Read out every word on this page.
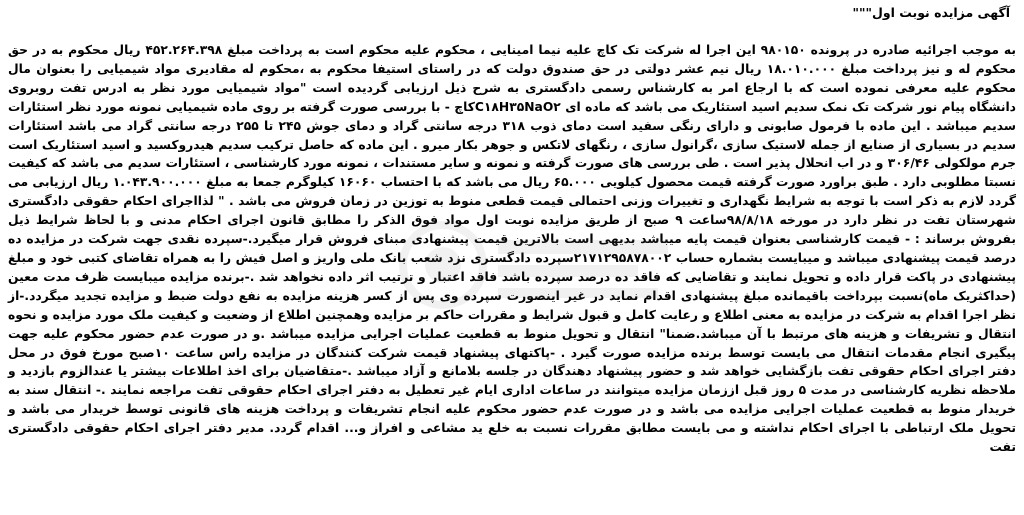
آگهی مزایده نوبت اول"""
به موجب اجرائیه صادره در پرونده ۹۸۰۱۵۰ این اجرا له شرکت تک کاچ علیه نیما امینایی ، محکوم علیه محکوم است به پرداخت مبلغ ۴۵۲.۲۶۴.۳۹۸ ریال محکوم به در حق محکوم له و نیز پرداخت مبلغ ۱۸.۰۱۰.۰۰۰ ریال نیم عشر دولتی در حق صندوق دولت که در راستای استیفا محکوم به ،محکوم له مقادیری مواد شیمیایی را بعنوان مال محکوم علیه معرفی نموده است که با ارجاع امر به کارشناس رسمی دادگستری به شرح ذیل ارزیابی گردیده است "مواد شیمیایی مورد نظر به ادرس تفت روبروی دانشگاه پیام نور شرکت تک نمک سدیم اسید استئاریک می باشد که ماده ای C۱۸H۳۵NaO۲کاچ - با بررسی صورت گرفته بر روی ماده شیمیایی نمونه مورد نظر استئارات سدیم میباشد . این ماده با فرمول صابونی و دارای رنگی سفید است دمای ذوب ۳۱۸ درجه سانتی گراد و دمای جوش ۲۴۵ تا ۲۵۵ درجه سانتی گراد می باشد استئارات سدیم در بسیاری از صنایع از جمله لاستیک سازی ،گرانول سازی ، رنگهای لاتکس و جوهر بکار میرو . این ماده که حاصل ترکیب سدیم هیدروکسید و اسید استئاریک است جرم مولکولی ۳۰۶/۴۶ و در اب انحلال پذیر است . طی بررسی های صورت گرفته و نمونه و سایر مستندات ، نمونه مورد کارشناسی ، استئارات سدیم می باشد که کیفیت نسبتا مطلوبی دارد . طبق براورد صورت گرفته قیمت محصول کیلویی ۶۵.۰۰۰ ریال می باشد که با احتساب ۱۶۰۶۰ کیلوگرم جمعا به مبلغ ۱.۰۴۳.۹۰۰.۰۰۰ ریال ارزیابی می گردد لازم به ذکر است با توجه به شرایط نگهداری و تغییرات وزنی احتمالی قیمت قطعی منوط به توزین در زمان فروش می باشد . " لذااجرای احکام حقوقی دادگستری شهرستان تفت در نظر دارد در مورخه ۹۸/۸/۱۸ساعت ۹ صبح از طریق مزایده نوبت اول مواد فوق الذکر را مطابق قانون اجرای احکام مدنی و با لحاظ شرایط ذیل بفروش برساند : - قیمت کارشناسی بعنوان قیمت پایه میباشد بدیهی است بالاترین قیمت پیشنهادی مبنای فروش قرار میگیرد.-سپرده نقدی جهت شرکت در مزایده ده درصد قیمت پیشنهادی میباشد و میبایست بشماره حساب ۲۱۷۱۲۹۵۸۷۸۰۰۲سپرده دادگستری نزد شعب بانک ملی واریز و اصل فیش را به همراه تقاضای کتبی خود و مبلغ پیشنهادی در پاکت قرار داده و تحویل نمایند و تقاضایی که فاقد ده درصد سپرده باشد فاقد اعتبار و ترتیب اثر داده نخواهد شد .-برنده مزایده میبایست ظرف مدت معین (حداکثریک ماه)نسبت بپرداخت باقیمانده مبلغ پیشنهادی اقدام نماید در غیر اینصورت سپرده وی پس از کسر هزینه مزایده به نفع دولت ضبط و مزایده تجدید میگردد.-از نظر اجرا اقدام به شرکت در مزایده به معنی اطلاع و رعایت کامل و قبول شرایط و مقررات حاکم بر مزایده وهمچنین اطلاع از وضعیت و کیفیت ملک مورد مزایده و نحوه انتقال و تشریفات و هزینه های مرتبط با آن میباشد.ضمنا" انتقال و تحویل منوط به قطعیت عملیات اجرایی مزایده میباشد .و در صورت عدم حضور محکوم علیه جهت پیگیری انجام مقدمات انتقال می بایست توسط برنده مزایده صورت گیرد . -پاکتهای پیشنهاد قیمت شرکت کنندگان در مزایده راس ساعت ۱۰صبح مورخ فوق در محل دفتر اجرای احکام حقوقی تفت بازگشایی خواهد شد و حضور پیشنهاد دهندگان در جلسه بلامانع و آزاد میباشد .-متقاضیان برای اخذ اطلاعات بیشتر یا عندالزوم بازدید و ملاحظه نظریه کارشناسی در مدت ۵ روز قبل اززمان مزایده میتوانند در ساعات اداری ایام غیر تعطیل به دفتر اجرای احکام حقوقی تفت مراجعه نمایند .- انتقال سند به خریدار منوط به قطعیت عملیات اجرایی مزایده می باشد و در صورت عدم حضور محکوم علیه انجام تشریفات و پرداخت هزینه های قانونی توسط خریدار می باشد و تحویل ملک ارتباطی با اجرای احکام نداشته و می بایست مطابق مقررات نسبت به خلع ید مشاعی و افراز و... اقدام گردد. مدیر دفتر اجرای احکام حقوقی دادگستری تفت
